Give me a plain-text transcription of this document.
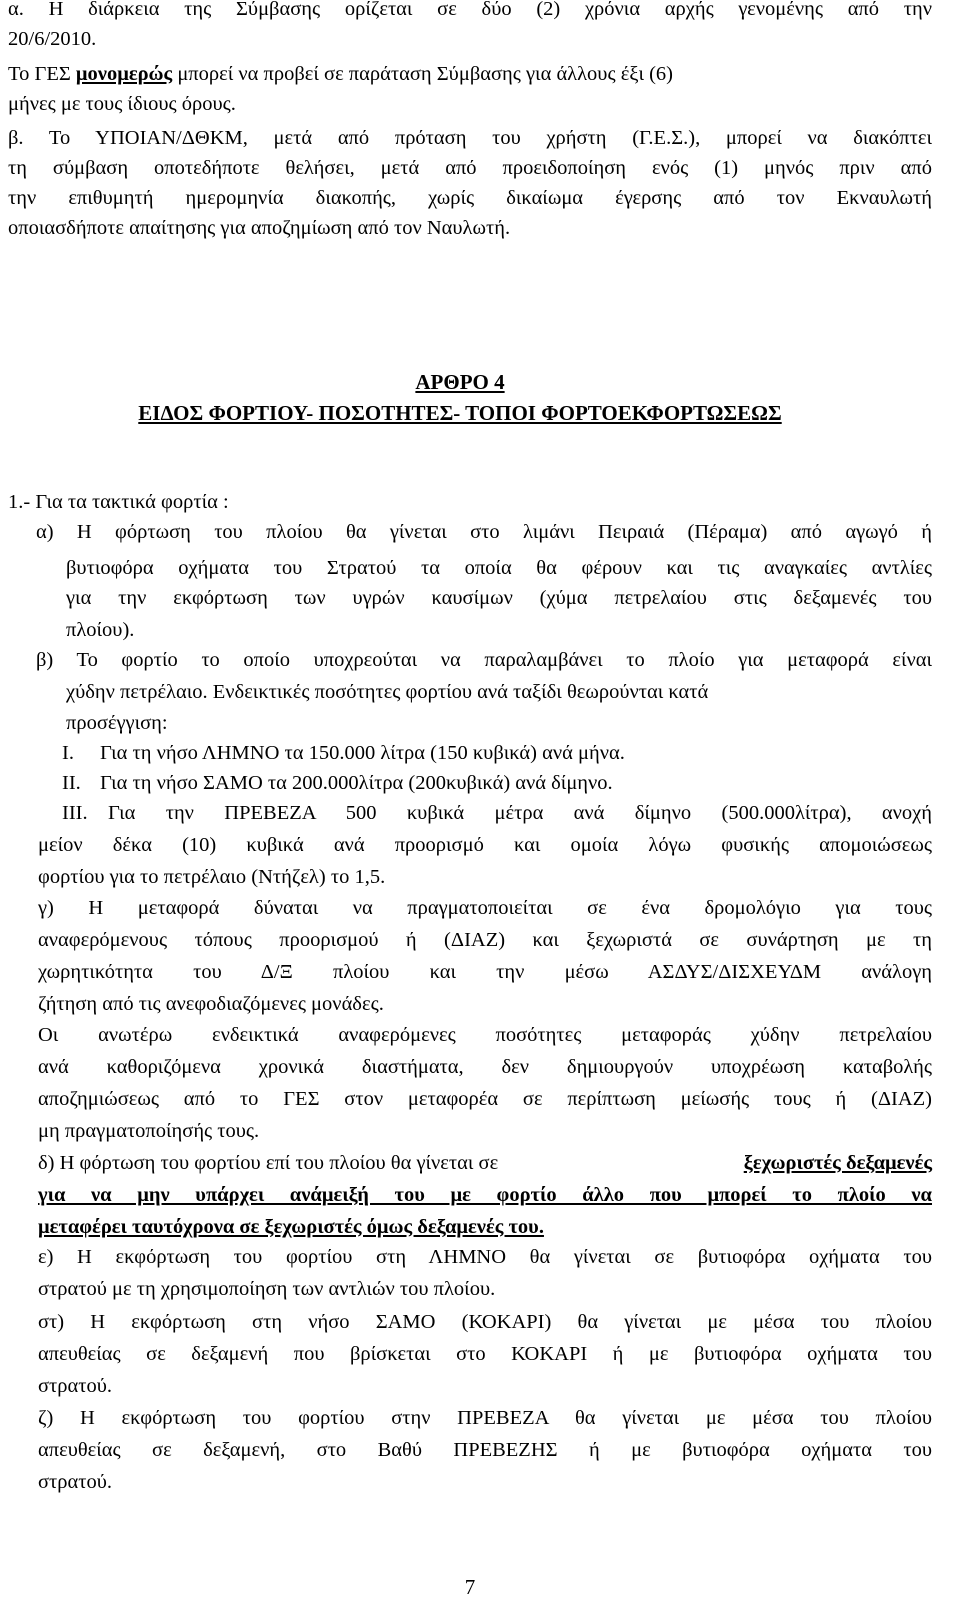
α. Η διάρκεια της Σύμβασης ορίζεται σε δύο (2) χρόνια αρχής γενομένης από την
20/6/2010.
Το ΓΕΣ μονομερώς μπορεί να προβεί σε παράταση Σύμβασης για άλλους έξι (6)
μήνες με τους ίδιους όρους.
β. Το ΥΠΟΙΑΝ/ΔΘΚΜ, μετά από πρόταση του χρήστη (Γ.Ε.Σ.), μπορεί να διακόπτει
τη σύμβαση οποτεδήποτε θελήσει, μετά από προειδοποίηση ενός (1) μηνός πριν από
την επιθυμητή ημερομηνία διακοπής, χωρίς δικαίωμα έγερσης από τον Εκναυλωτή
οποιασδήποτε απαίτησης για αποζημίωση από τον Ναυλωτή.
ΑΡΘΡΟ 4
ΕΙΔΟΣ ΦΟΡΤΙΟΥ- ΠΟΣΟΤΗΤΕΣ- ΤΟΠΟΙ ΦΟΡΤΟΕΚΦΟΡΤΩΣΕΩΣ
1.- Για τα τακτικά φορτία :
α) Η φόρτωση του πλοίου θα γίνεται στο λιμάνι Πειραιά (Πέραμα) από αγωγό ή
βυτιοφόρα οχήματα του Στρατού τα οποία θα φέρουν και τις αναγκαίες αντλίες
για την εκφόρτωση των υγρών καυσίμων (χύμα πετρελαίου στις δεξαμενές του
πλοίου).
β) Το φορτίο το οποίο υποχρεούται να παραλαμβάνει το πλοίο για μεταφορά είναι
χύδην πετρέλαιο. Ενδεικτικές ποσότητες φορτίου ανά ταξίδι θεωρούνται κατά
προσέγγιση:
Ι. Για τη νήσο ΛΗΜΝΟ τα 150.000 λίτρα (150 κυβικά) ανά μήνα.
ΙΙ. Για τη νήσο ΣΑΜΟ τα 200.000λίτρα (200κυβικά) ανά δίμηνο.
ΙΙΙ. Για την ΠΡΕΒΕΖΑ 500 κυβικά μέτρα ανά δίμηνο (500.000λίτρα), ανοχή
μείον δέκα (10) κυβικά ανά προορισμό και ομοία λόγω φυσικής απομοιώσεως
φορτίου για το πετρέλαιο (Ντήζελ) το 1,5.
γ) Η μεταφορά δύναται να πραγματοποιείται σε ένα δρομολόγιο για τους
αναφερόμενους τόπους προορισμού ή (ΔΙΑΖ) και ξεχωριστά σε συνάρτηση με τη
χωρητικότητα του Δ/Ξ πλοίου και την μέσω ΑΣΔΥΣ/ΔΙΣΧΕΥΔΜ ανάλογη
ζήτηση από τις ανεφοδιαζόμενες μονάδες.
Οι ανωτέρω ενδεικτικά αναφερόμενες ποσότητες μεταφοράς χύδην πετρελαίου
ανά καθοριζόμενα χρονικά διαστήματα, δεν δημιουργούν υποχρέωση καταβολής
αποζημιώσεως από το ΓΕΣ στον μεταφορέα σε περίπτωση μείωσής τους ή (ΔΙΑΖ)
μη πραγματοποίησής τους.
δ) Η φόρτωση του φορτίου επί του πλοίου θα γίνεται σε	ξεχωριστές δεξαμενές
για να μην υπάρχει ανάμειξή του με φορτίο άλλο που μπορεί το πλοίο να
μεταφέρει ταυτόχρονα σε ξεχωριστές όμως δεξαμενές του.
ε) Η εκφόρτωση του φορτίου στη ΛΗΜΝΟ θα γίνεται σε βυτιοφόρα οχήματα του
στρατού με τη χρησιμοποίηση των αντλιών του πλοίου.
στ) Η εκφόρτωση στη νήσο ΣΑΜΟ (ΚΟΚΑΡΙ) θα γίνεται με μέσα του πλοίου
απευθείας σε δεξαμενή που βρίσκεται στο ΚΟΚΑΡΙ ή με βυτιοφόρα οχήματα του
στρατού.
ζ) Η εκφόρτωση του φορτίου στην ΠΡΕΒΕΖΑ θα γίνεται με μέσα του πλοίου
απευθείας σε δεξαμενή, στο Βαθύ ΠΡΕΒΕΖΗΣ ή με βυτιοφόρα οχήματα του
στρατού.
7
